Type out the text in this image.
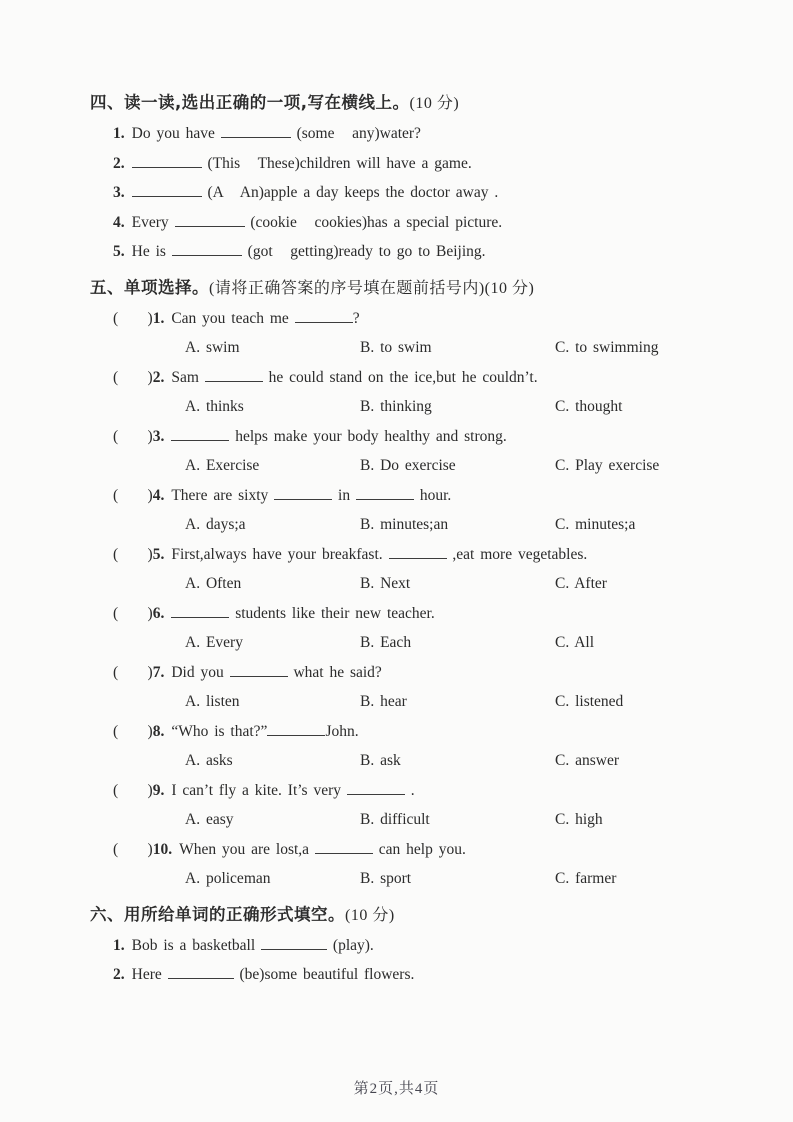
四、读一读,选出正确的一项,写在横线上。(10 分)
1. Do you have	(some   any)water?
2.	(This   These)children will have a game.
3.	(A   An)apple a day keeps the doctor away .
4. Every	(cookie   cookies)has a special picture.
5. He is	(got   getting)ready to go to Beijing.
五、单项选择。(请将正确答案的序号填在题前括号内)(10 分)
(     )1. Can you teach me	?
A. swim	B. to swim	C. to swimming
(     )2. Sam	he could stand on the ice,but he couldn’t.
A. thinks	B. thinking	C. thought
(     )3.	helps make your body healthy and strong.
A. Exercise	B. Do exercise	C. Play exercise
(     )4. There are sixty	in	hour.
A. days;a	B. minutes;an	C. minutes;a
(     )5. First,always have your breakfast.	,eat more vegetables.
A. Often	B. Next	C. After
(     )6.	students like their new teacher.
A. Every	B. Each	C. All
(     )7. Did you	what he said?
A. listen	B. hear	C. listened
(     )8. “Who is that?”	John.
A. asks	B. ask	C. answer
(     )9. I can’t fly a kite. It’s very	.
A. easy	B. difficult	C. high
(     )10. When you are lost,a	can help you.
A. policeman	B. sport	C. farmer
六、用所给单词的正确形式填空。(10 分)
1. Bob is a basketball	(play).
2. Here	(be)some beautiful flowers.
第2页,共4页
